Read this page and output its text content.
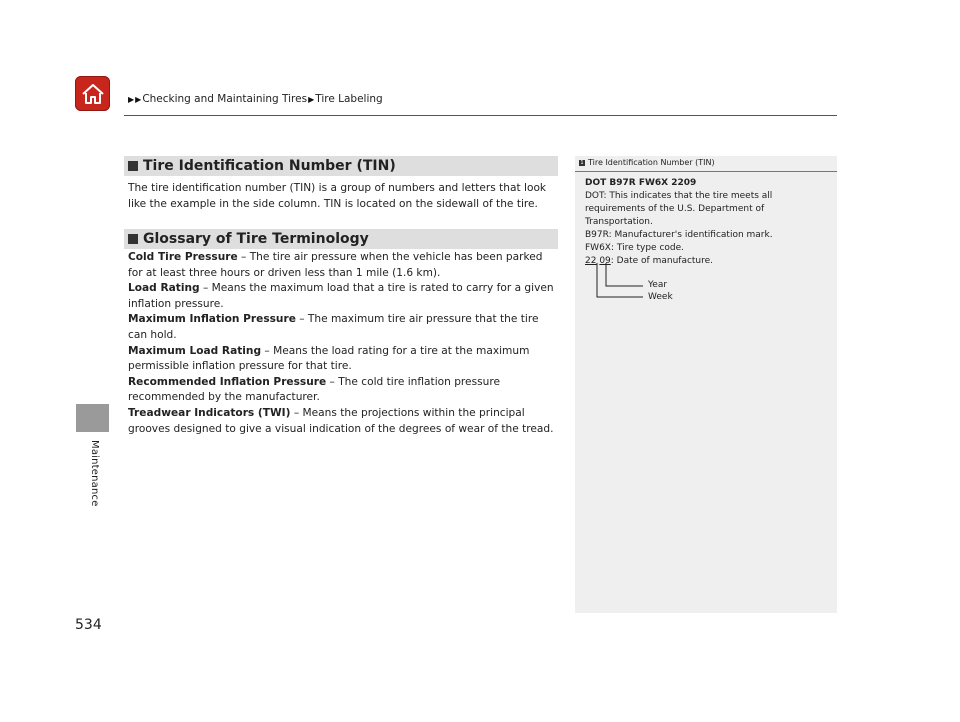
▶ ▶ Checking and Maintaining Tires ▶ Tire Labeling
Maintenance
534
Tire Identification Number (TIN)
The tire identification number (TIN) is a group of numbers and letters that look like the example in the side column. TIN is located on the sidewall of the tire.
Glossary of Tire Terminology
Cold Tire Pressure – The tire air pressure when the vehicle has been parked for at least three hours or driven less than 1 mile (1.6 km).
Load Rating – Means the maximum load that a tire is rated to carry for a given inflation pressure.
Maximum Inflation Pressure – The maximum tire air pressure that the tire can hold.
Maximum Load Rating – Means the load rating for a tire at the maximum permissible inflation pressure for that tire.
Recommended Inflation Pressure – The cold tire inflation pressure recommended by the manufacturer.
Treadwear Indicators (TWI) – Means the projections within the principal grooves designed to give a visual indication of the degrees of wear of the tread.
1 Tire Identification Number (TIN)
DOT B97R FW6X 2209
DOT: This indicates that the tire meets all requirements of the U.S. Department of Transportation.
B97R: Manufacturer's identification mark.
FW6X: Tire type code.
22 09: Date of manufacture.
Year
Week
